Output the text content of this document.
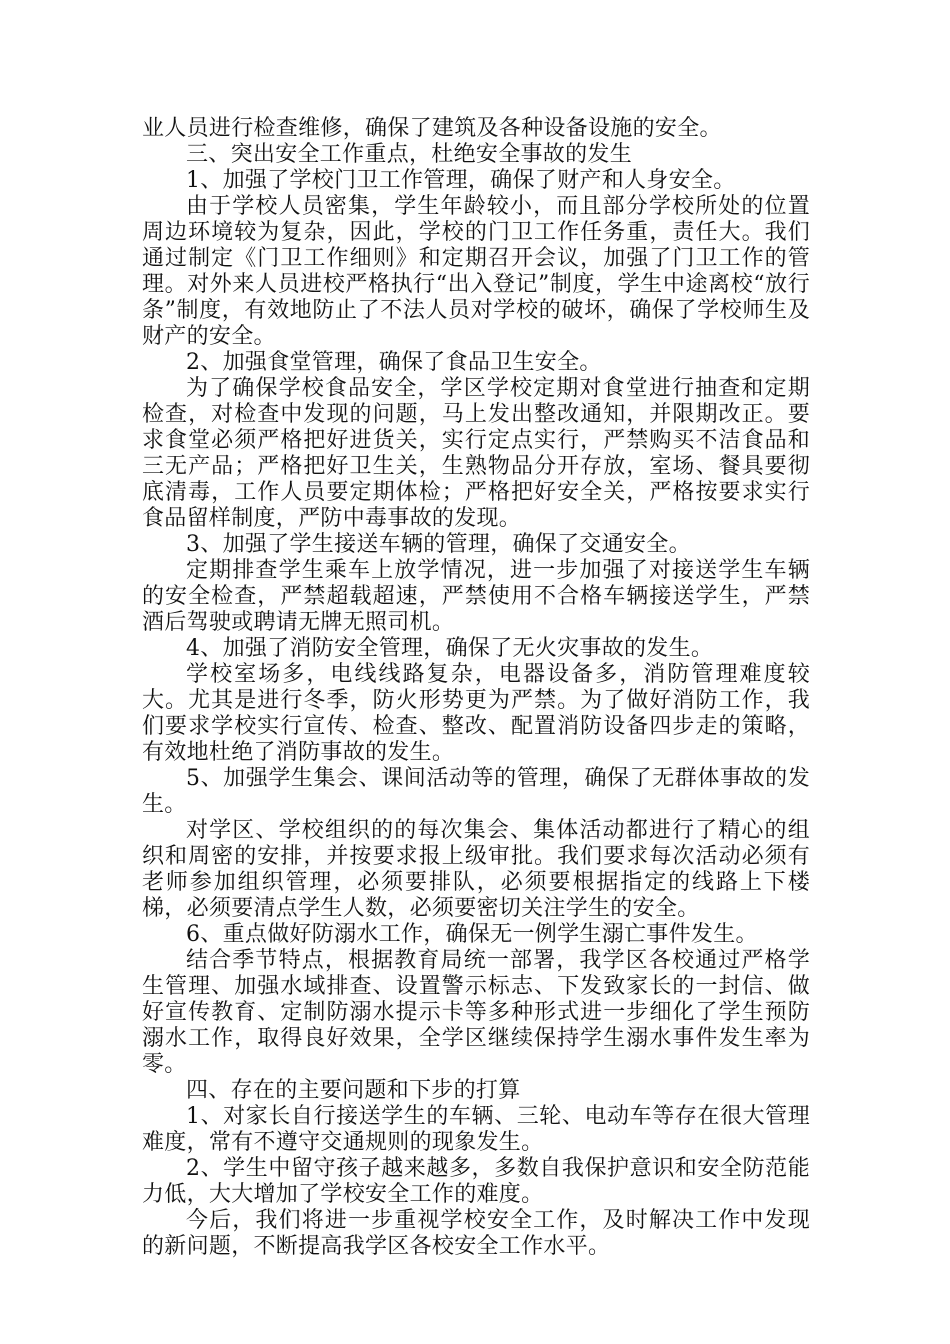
业人员进行检查维修，确保了建筑及各种设备设施的安全。

三、突出安全工作重点，杜绝安全事故的发生

1、加强了学校门卫工作管理，确保了财产和人身安全。

由于学校人员密集，学生年龄较小，而且部分学校所处的位置周边环境较为复杂，因此，学校的门卫工作任务重，责任大。我们通过制定《门卫工作细则》和定期召开会议，加强了门卫工作的管理。对外来人员进校严格执行“出入登记”制度，学生中途离校“放行条”制度，有效地防止了不法人员对学校的破坏，确保了学校师生及财产的安全。

2、加强食堂管理，确保了食品卫生安全。

为了确保学校食品安全，学区学校定期对食堂进行抽查和定期检查，对检查中发现的问题，马上发出整改通知，并限期改正。要求食堂必须严格把好进货关，实行定点实行，严禁购买不洁食品和三无产品；严格把好卫生关，生熟物品分开存放，室场、餐具要彻底清毒，工作人员要定期体检；严格把好安全关，严格按要求实行食品留样制度，严防中毒事故的发现。

3、加强了学生接送车辆的管理，确保了交通安全。

定期排查学生乘车上放学情况，进一步加强了对接送学生车辆的安全检查，严禁超载超速，严禁使用不合格车辆接送学生，严禁酒后驾驶或聘请无牌无照司机。

4、加强了消防安全管理，确保了无火灾事故的发生。

学校室场多，电线线路复杂，电器设备多，消防管理难度较大。尤其是进行冬季，防火形势更为严禁。为了做好消防工作，我们要求学校实行宣传、检查、整改、配置消防设备四步走的策略，有效地杜绝了消防事故的发生。

5、加强学生集会、课间活动等的管理，确保了无群体事故的发生。

对学区、学校组织的的每次集会、集体活动都进行了精心的组织和周密的安排，并按要求报上级审批。我们要求每次活动必须有老师参加组织管理，必须要排队，必须要根据指定的线路上下楼梯，必须要清点学生人数，必须要密切关注学生的安全。

6、重点做好防溺水工作，确保无一例学生溺亡事件发生。

结合季节特点，根据教育局统一部署，我学区各校通过严格学生管理、加强水域排查、设置警示标志、下发致家长的一封信、做好宣传教育、定制防溺水提示卡等多种形式进一步细化了学生预防溺水工作，取得良好效果，全学区继续保持学生溺水事件发生率为零。

四、存在的主要问题和下步的打算

1、对家长自行接送学生的车辆、三轮、电动车等存在很大管理难度，常有不遵守交通规则的现象发生。

2、学生中留守孩子越来越多，多数自我保护意识和安全防范能力低，大大增加了学校安全工作的难度。

今后，我们将进一步重视学校安全工作，及时解决工作中发现的新问题，不断提高我学区各校安全工作水平。
